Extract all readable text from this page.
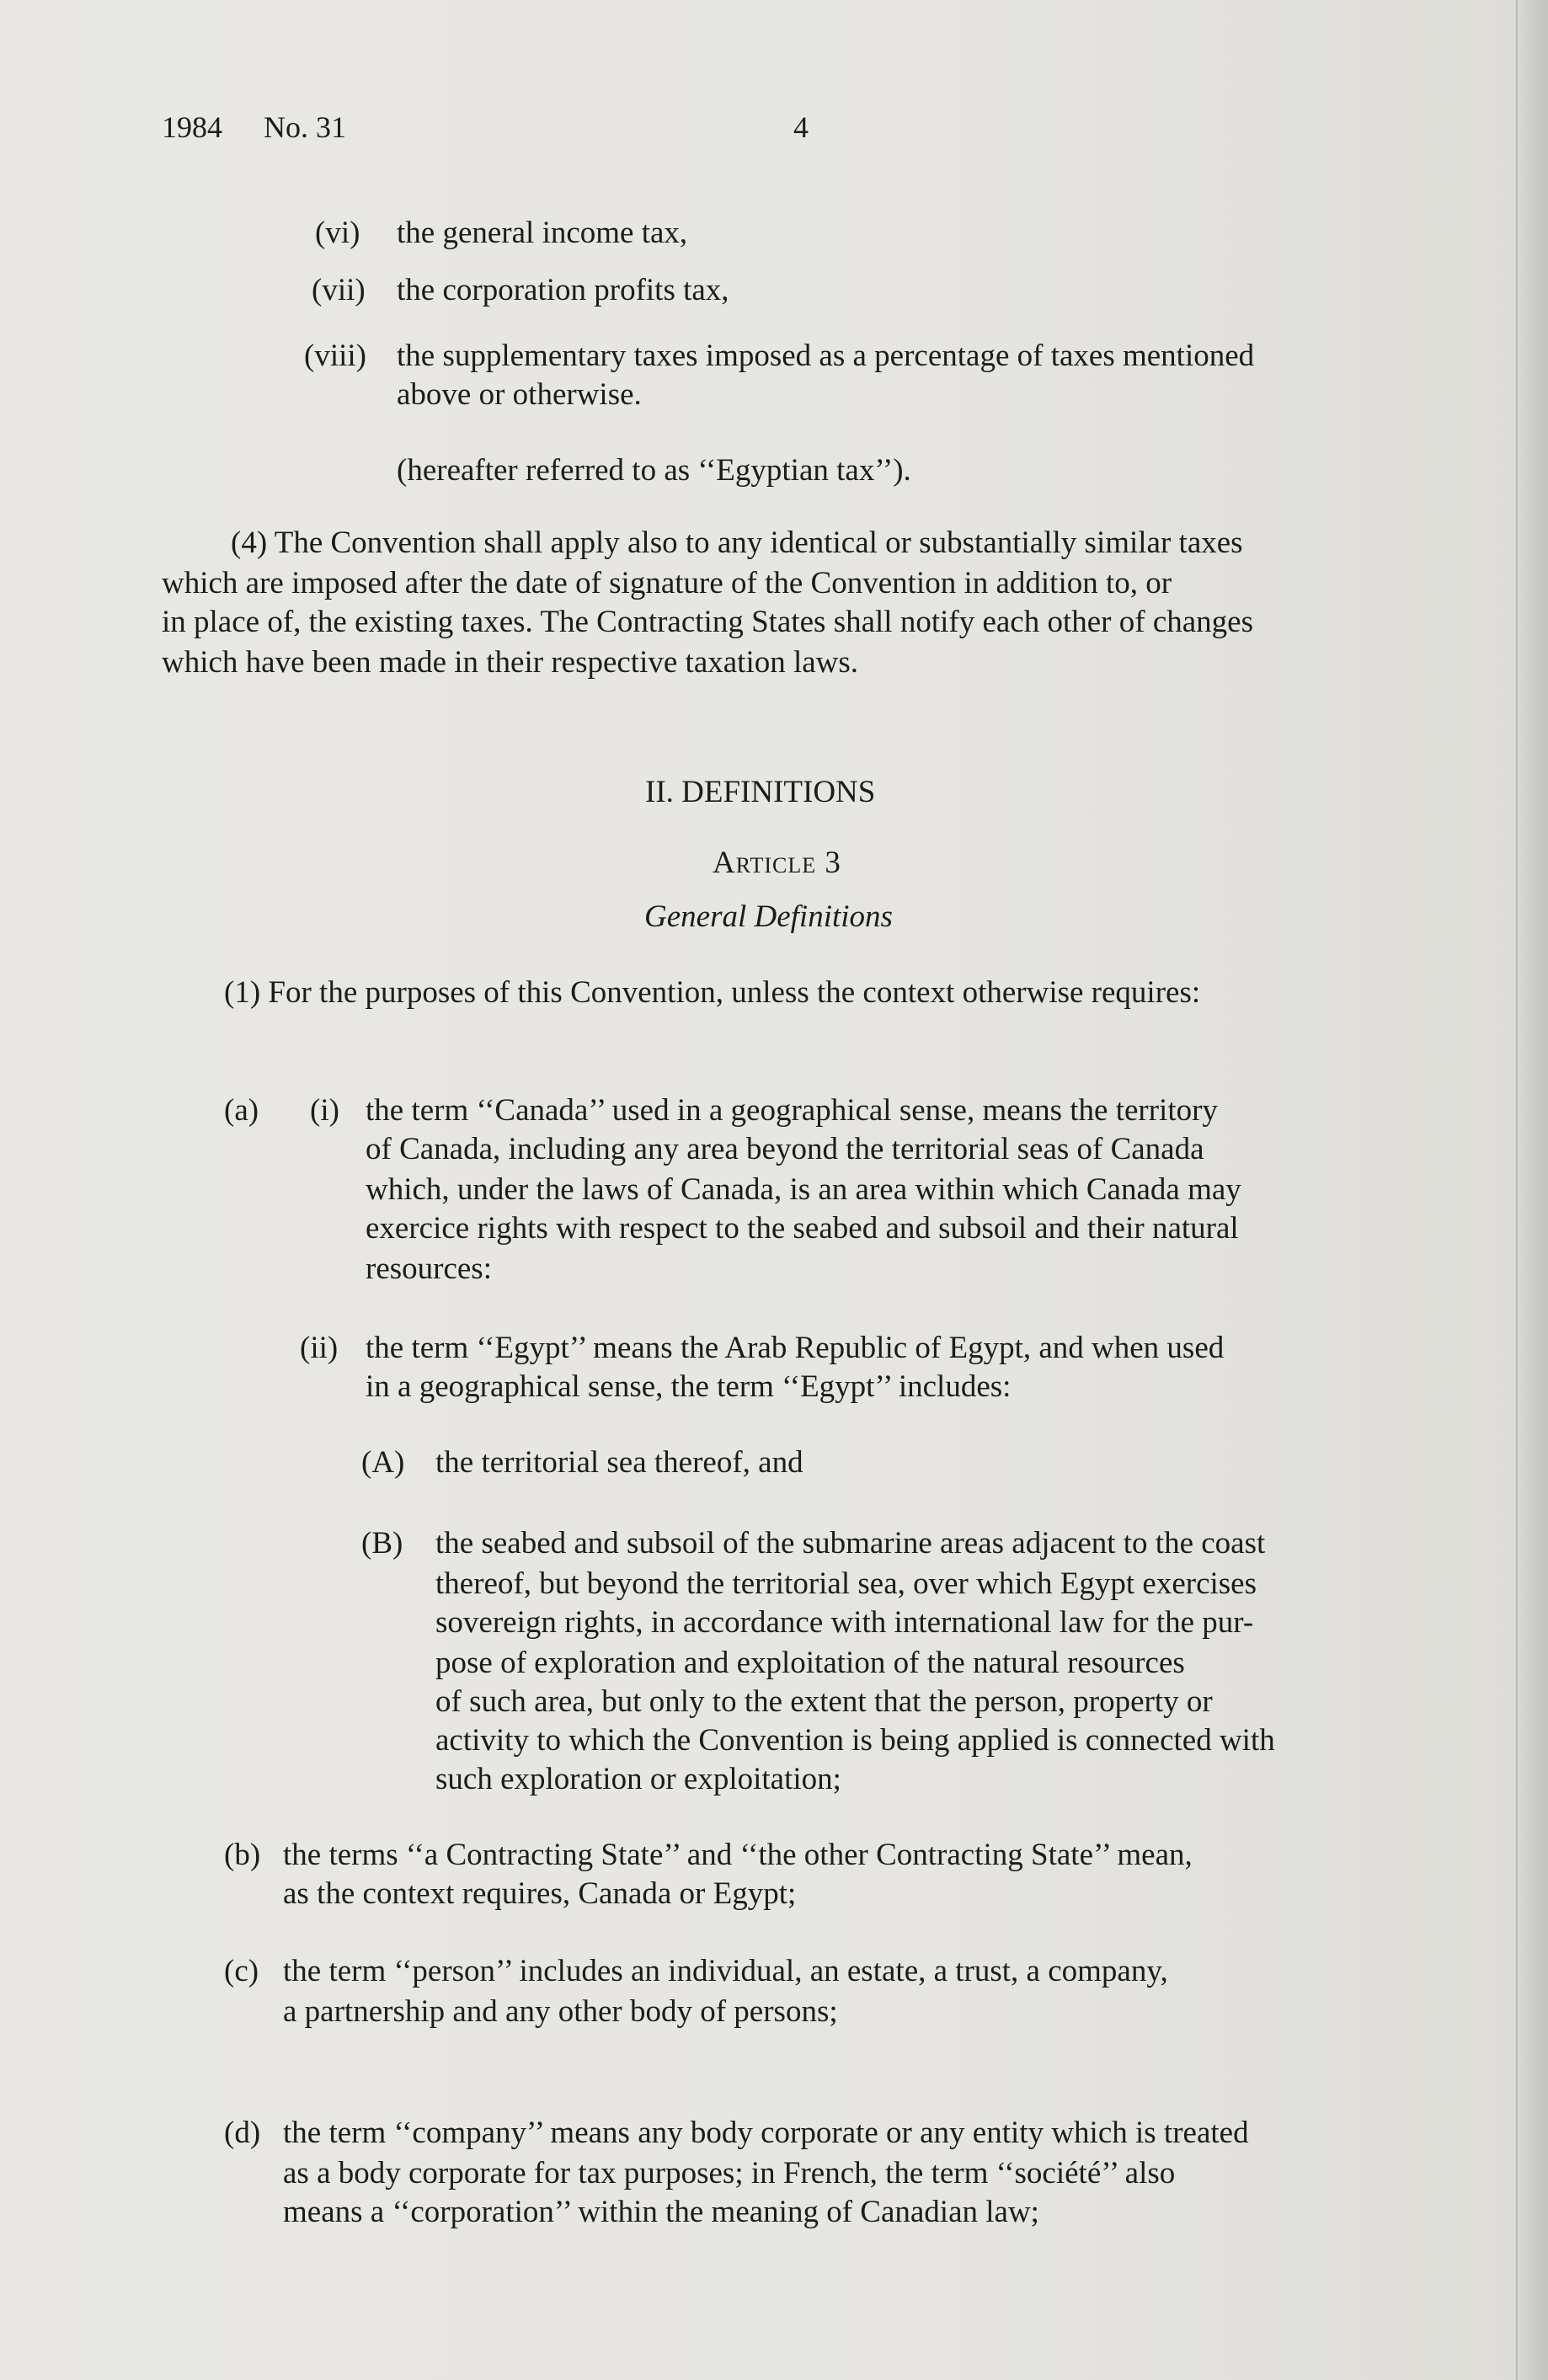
1984 No. 31	4
(vi) the general income tax,
(vii) the corporation profits tax,
(viii) the supplementary taxes imposed as a percentage of taxes mentioned
above or otherwise.
(hereafter referred to as ‘‘Egyptian tax’’).
(4) The Convention shall apply also to any identical or substantially similar taxes
which are imposed after the date of signature of the Convention in addition to, or
in place of, the existing taxes. The Contracting States shall notify each other of changes
which have been made in their respective taxation laws.
II. DEFINITIONS
Article 3
General Definitions
(1) For the purposes of this Convention, unless the context otherwise requires:
(a) (i) the term ‘‘Canada’’ used in a geographical sense, means the territory
of Canada, including any area beyond the territorial seas of Canada
which, under the laws of Canada, is an area within which Canada may
exercice rights with respect to the seabed and subsoil and their natural
resources:
(ii) the term ‘‘Egypt’’ means the Arab Republic of Egypt, and when used
in a geographical sense, the term ‘‘Egypt’’ includes:
(A) the territorial sea thereof, and
(B) the seabed and subsoil of the submarine areas adjacent to the coast
thereof, but beyond the territorial sea, over which Egypt exercises
sovereign rights, in accordance with international law for the pur-
pose of exploration and exploitation of the natural resources
of such area, but only to the extent that the person, property or
activity to which the Convention is being applied is connected with
such exploration or exploitation;
(b) the terms ‘‘a Contracting State’’ and ‘‘the other Contracting State’’ mean,
as the context requires, Canada or Egypt;
(c) the term ‘‘person’’ includes an individual, an estate, a trust, a company,
a partnership and any other body of persons;
(d) the term ‘‘company’’ means any body corporate or any entity which is treated
as a body corporate for tax purposes; in French, the term ‘‘société’’ also
means a ‘‘corporation’’ within the meaning of Canadian law;
